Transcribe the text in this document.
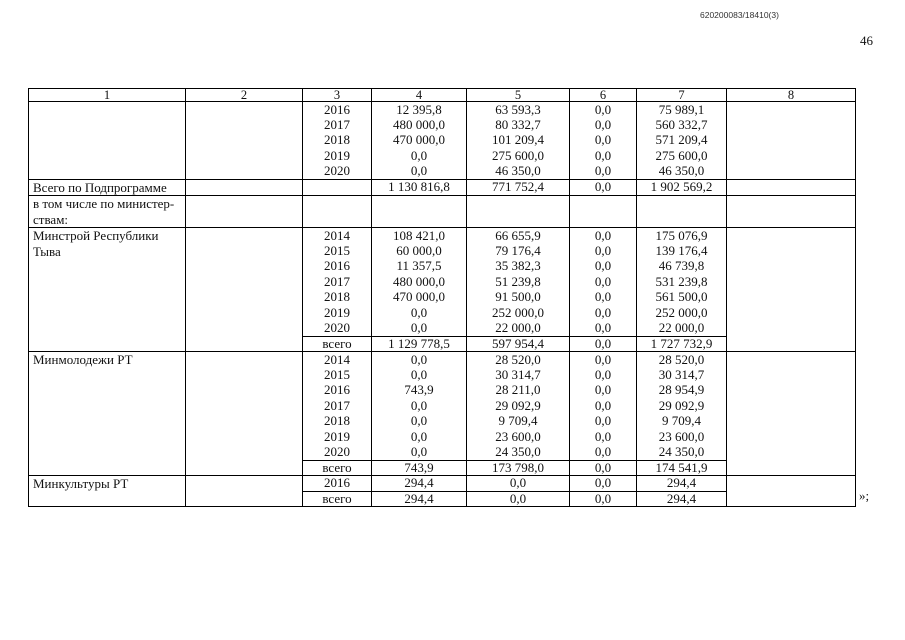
620200083/18410(3)
46
1	2	3	4	5	6	7	8
		2016	12 395,8	63 593,3	0,0	75 989,1	
		2017	480 000,0	80 332,7	0,0	560 332,7	
		2018	470 000,0	101 209,4	0,0	571 209,4	
		2019	0,0	275 600,0	0,0	275 600,0	
		2020	0,0	46 350,0	0,0	46 350,0	
Всего по Подпрограмме			1 130 816,8	771 752,4	0,0	1 902 569,2	

в том числе по министер-
ствам:							

Минстрой Республики Тыва		2014	108 421,0	66 655,9	0,0	175 076,9	
		2015	60 000,0	79 176,4	0,0	139 176,4	
		2016	11 357,5	35 382,3	0,0	46 739,8	
		2017	480 000,0	51 239,8	0,0	531 239,8	
		2018	470 000,0	91 500,0	0,0	561 500,0	
		2019	0,0	252 000,0	0,0	252 000,0	
		2020	0,0	22 000,0	0,0	22 000,0	
		всего	1 129 778,5	597 954,4	0,0	1 727 732,9	
Минмолодежи РТ		2014	0,0	28 520,0	0,0	28 520,0	
		2015	0,0	30 314,7	0,0	30 314,7	
		2016	743,9	28 211,0	0,0	28 954,9	
		2017	0,0	29 092,9	0,0	29 092,9	
		2018	0,0	9 709,4	0,0	9 709,4	
		2019	0,0	23 600,0	0,0	23 600,0	
		2020	0,0	24 350,0	0,0	24 350,0	
		всего	743,9	173 798,0	0,0	174 541,9	
Минкультуры РТ		2016	294,4	0,0	0,0	294,4	
		всего	294,4	0,0	0,0	294,4		»;
